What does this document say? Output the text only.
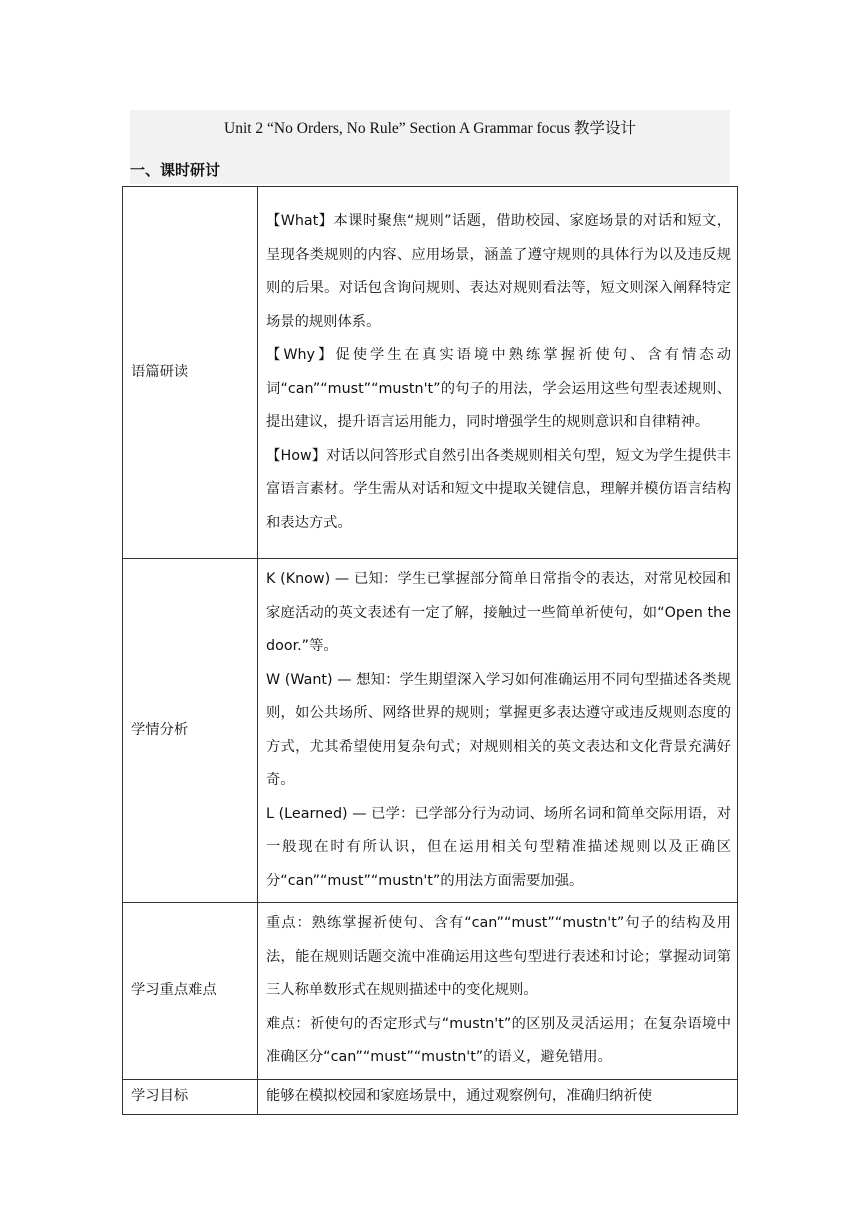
Unit 2 “No Orders, No Rule” Section A Grammar focus 教学设计
一、课时研讨
语篇研读	【What】本课时聚焦“规则”话题，借助校园、家庭场景的对话和短文，呈现各类规则的内容、应用场景，涵盖了遵守规则的具体行为以及违反规则的后果。对话包含询问规则、表达对规则看法等，短文则深入阐释特定场景的规则体系。

【Why】促使学生在真实语境中熟练掌握祈使句、含有情态动词“can”“must”“mustn't”的句子的用法，学会运用这些句型表述规则、提出建议，提升语言运用能力，同时增强学生的规则意识和自律精神。

【How】对话以问答形式自然引出各类规则相关句型，短文为学生提供丰富语言素材。学生需从对话和短文中提取关键信息，理解并模仿语言结构和表达方式。

学情分析	K (Know) — 已知：学生已掌握部分简单日常指令的表达，对常见校园和家庭活动的英文表述有一定了解，接触过一些简单祈使句，如“Open the door.”等。

W (Want) — 想知：学生期望深入学习如何准确运用不同句型描述各类规则，如公共场所、网络世界的规则；掌握更多表达遵守或违反规则态度的方式，尤其希望使用复杂句式；对规则相关的英文表达和文化背景充满好奇。

L (Learned) — 已学：已学部分行为动词、场所名词和简单交际用语，对一般现在时有所认识，但在运用相关句型精准描述规则以及正确区分“can”“must”“mustn't”的用法方面需要加强。

学习重点难点	重点：熟练掌握祈使句、含有“can”“must”“mustn't”句子的结构及用法，能在规则话题交流中准确运用这些句型进行表述和讨论；掌握动词第三人称单数形式在规则描述中的变化规则。

难点：祈使句的否定形式与“mustn't”的区别及灵活运用；在复杂语境中准确区分“can”“must”“mustn't”的语义，避免错用。

学习目标	能够在模拟校园和家庭场景中，通过观察例句，准确归纳祈使
